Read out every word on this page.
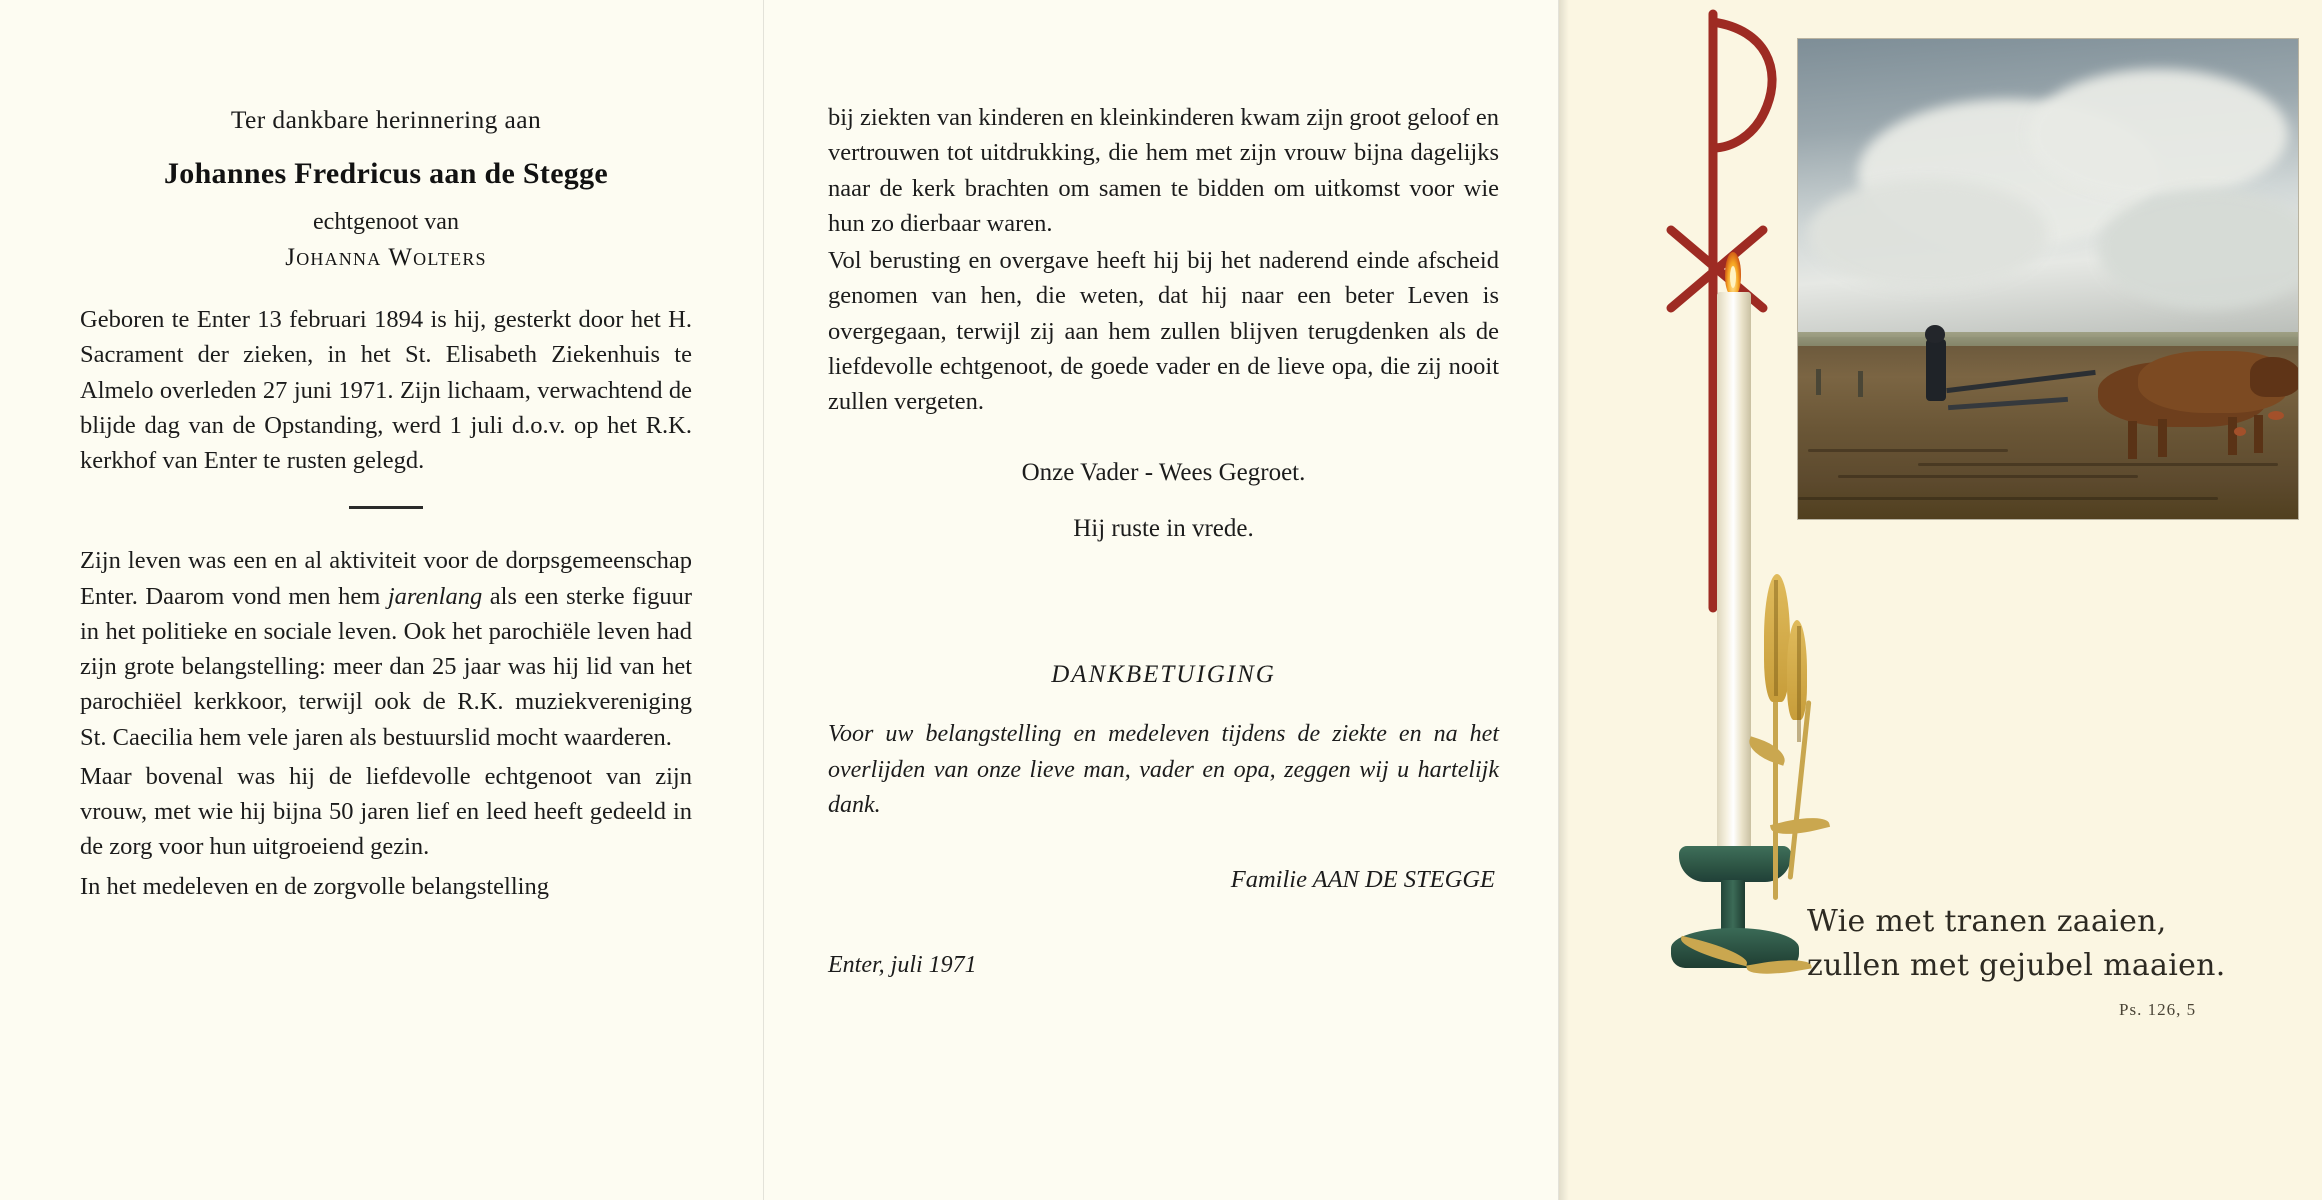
Ter dankbare herinnering aan
Johannes Fredricus aan de Stegge
echtgenoot van
Johanna Wolters

Geboren te Enter 13 februari 1894 is hij, gesterkt door het H. Sacrament der zieken, in het St. Elisabeth Ziekenhuis te Almelo overleden 27 juni 1971. Zijn lichaam, verwachtend de blijde dag van de Opstanding, werd 1 juli d.o.v. op het R.K. kerkhof van Enter te rusten gelegd.

Zijn leven was een en al aktiviteit voor de dorpsgemeenschap Enter. Daarom vond men hem jarenlang als een sterke figuur in het politieke en sociale leven. Ook het parochiële leven had zijn grote belangstelling: meer dan 25 jaar was hij lid van het parochiëel kerkkoor, terwijl ook de R.K. muziekvereniging St. Caecilia hem vele jaren als bestuurslid mocht waarderen.

Maar bovenal was hij de liefdevolle echtgenoot van zijn vrouw, met wie hij bijna 50 jaren lief en leed heeft gedeeld in de zorg voor hun uitgroeiend gezin.

In het medeleven en de zorgvolle belangstelling

bij ziekten van kinderen en kleinkinderen kwam zijn groot geloof en vertrouwen tot uitdrukking, die hem met zijn vrouw bijna dagelijks naar de kerk brachten om samen te bidden om uitkomst voor wie hun zo dierbaar waren.

Vol berusting en overgave heeft hij bij het naderend einde afscheid genomen van hen, die weten, dat hij naar een beter Leven is overgegaan, terwijl zij aan hem zullen blijven terugdenken als de liefdevolle echtgenoot, de goede vader en de lieve opa, die zij nooit zullen vergeten.

Onze Vader - Wees Gegroet.
Hij ruste in vrede.
DANKBETUIGING

Voor uw belangstelling en medeleven tijdens de ziekte en na het overlijden van onze lieve man, vader en opa, zeggen wij u hartelijk dank.

Familie AAN DE STEGGE
Enter, juli 1971
Wie met tranen zaaien,
zullen met gejubel maaien.
Ps. 126, 5
